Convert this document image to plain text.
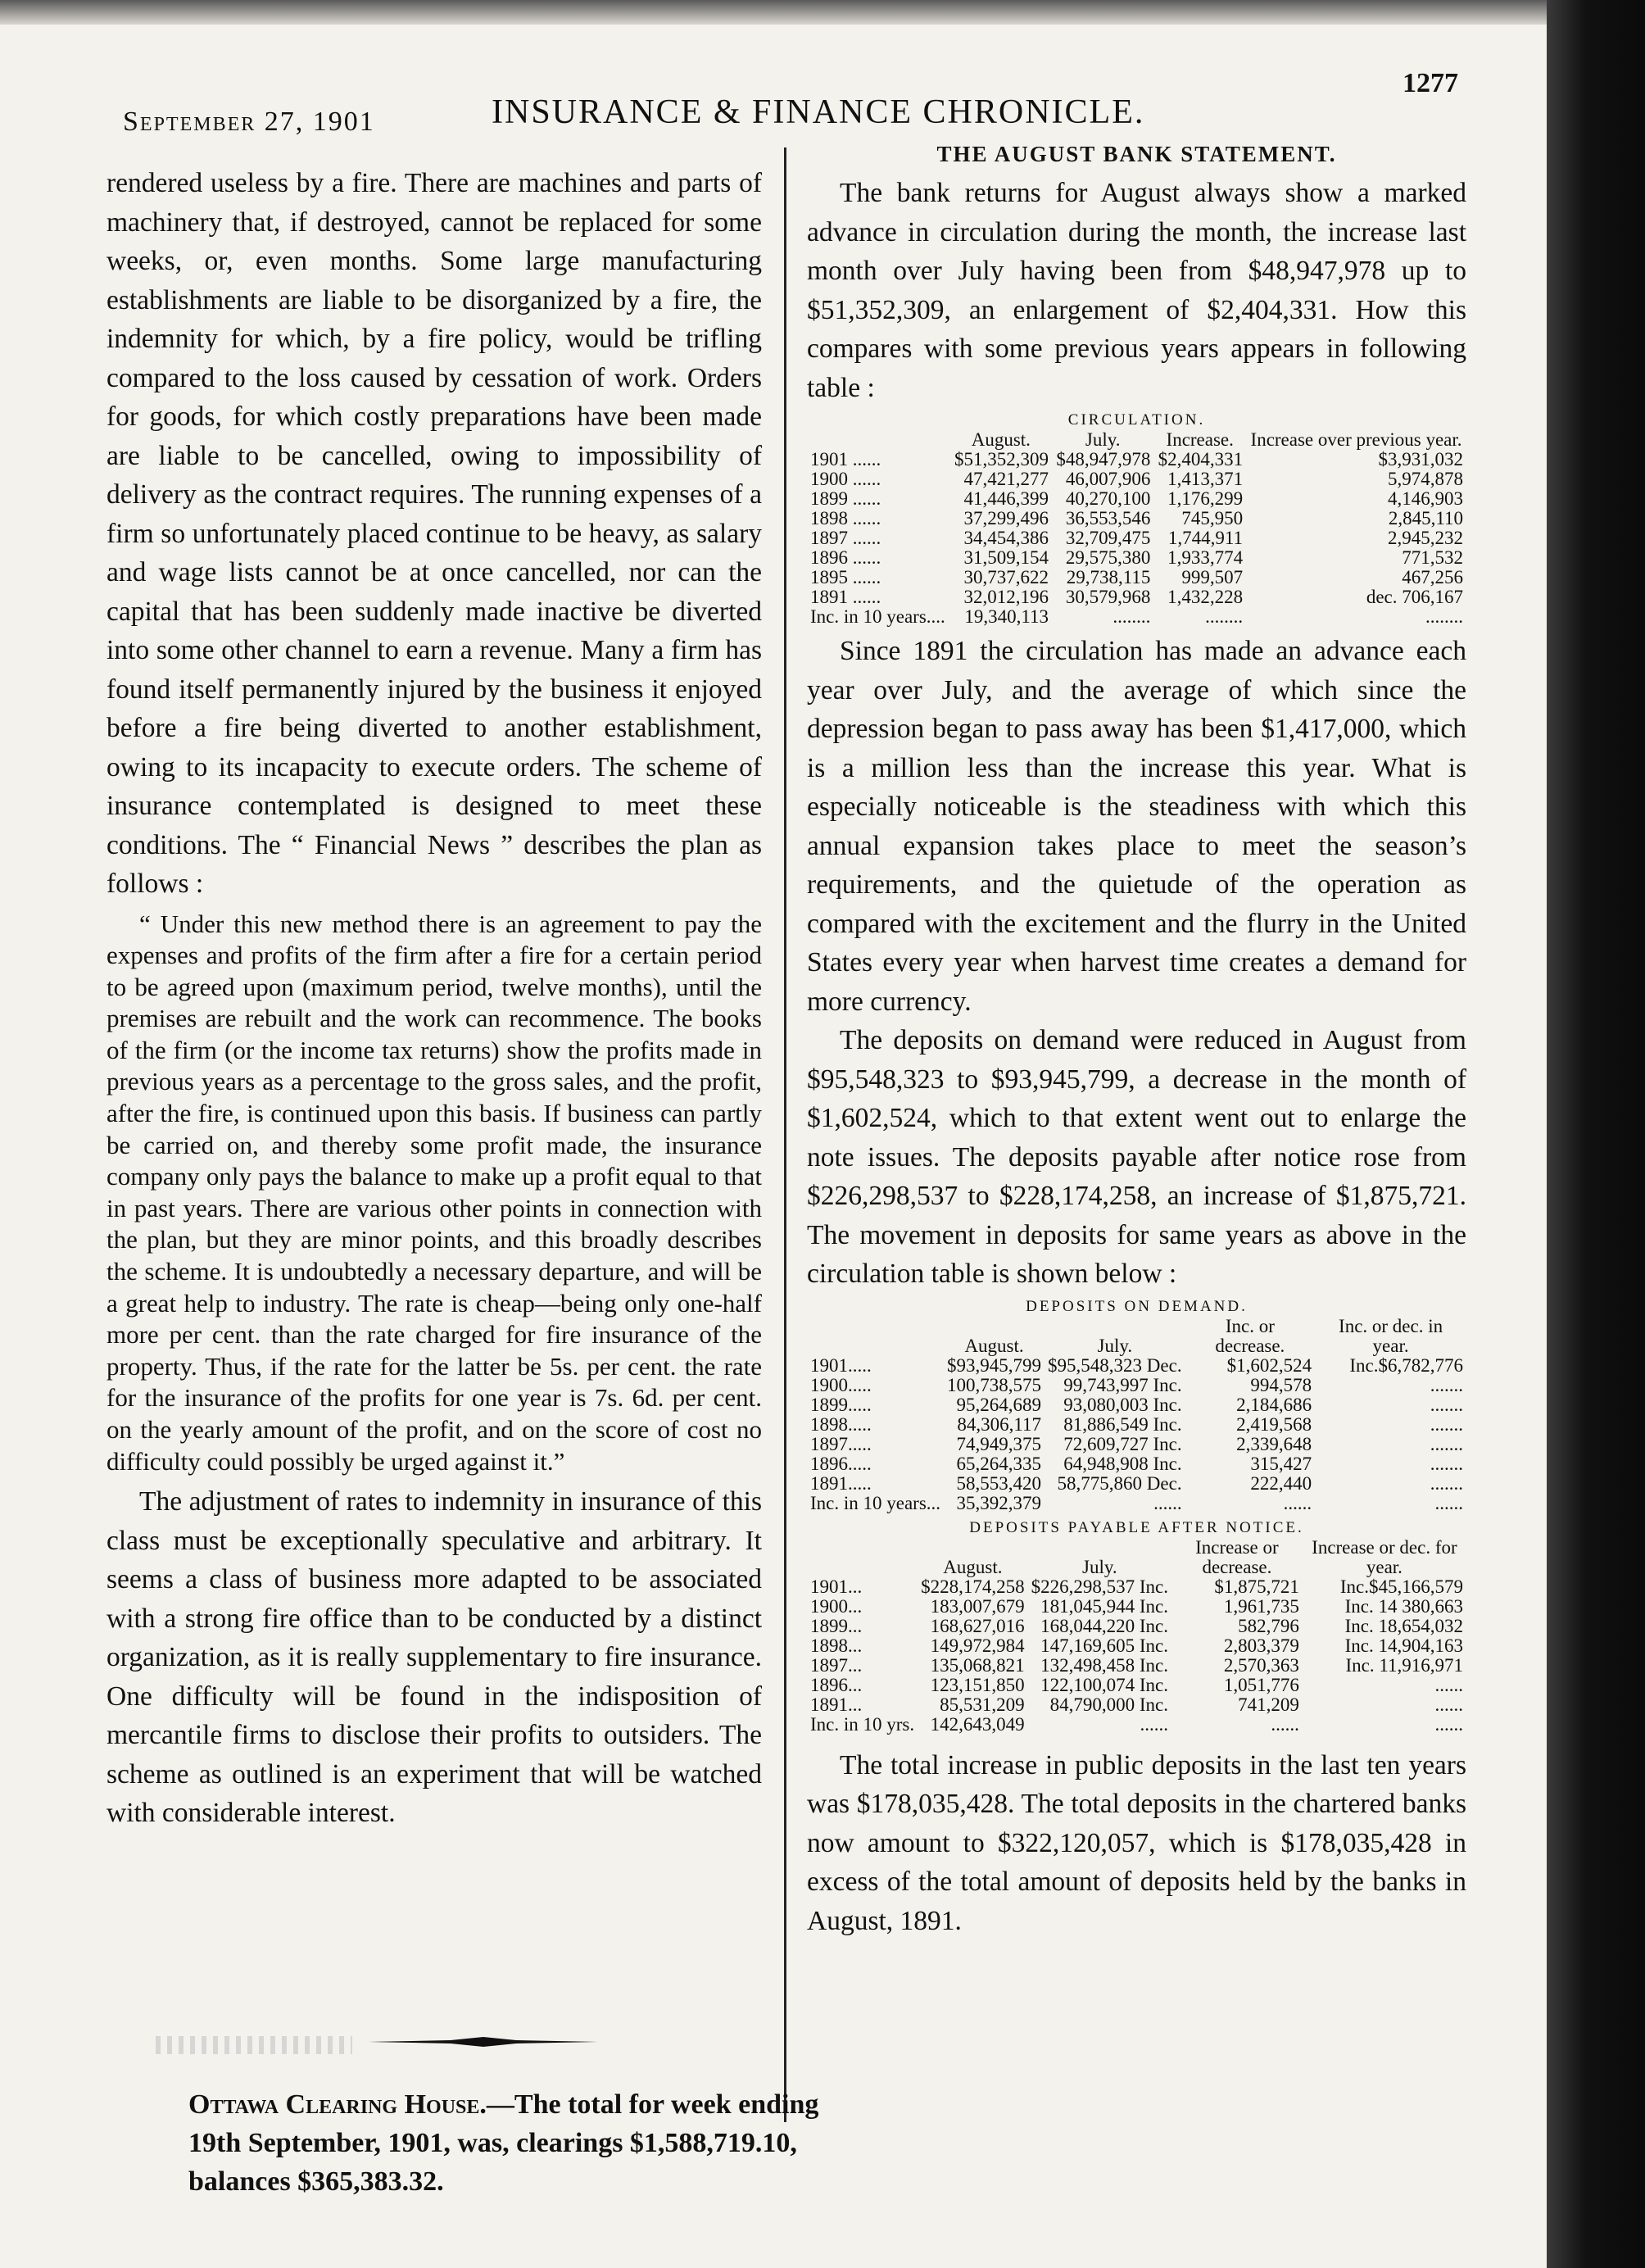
September 27, 1901	INSURANCE & FINANCE CHRONICLE.
1277

rendered useless by a fire. There are machines and parts of machinery that, if destroyed, cannot be replaced for some weeks, or, even months. Some large manufacturing establishments are liable to be disorganized by a fire, the indemnity for which, by a fire policy, would be trifling compared to the loss caused by cessation of work. Orders for goods, for which costly preparations have been made are liable to be cancelled, owing to impossibility of delivery as the contract requires. The running expenses of a firm so unfortunately placed continue to be heavy, as salary and wage lists cannot be at once cancelled, nor can the capital that has been suddenly made inactive be diverted into some other channel to earn a revenue. Many a firm has found itself permanently injured by the business it enjoyed before a fire being diverted to another establishment, owing to its incapacity to execute orders. The scheme of insurance contemplated is designed to meet these conditions. The “ Financial News ” describes the plan as follows :

“ Under this new method there is an agreement to pay the expenses and profits of the firm after a fire for a certain period to be agreed upon (maximum period, twelve months), until the premises are rebuilt and the work can recommence. The books of the firm (or the income tax returns) show the profits made in previous years as a percentage to the gross sales, and the profit, after the fire, is continued upon this basis. If business can partly be carried on, and thereby some profit made, the insurance company only pays the balance to make up a profit equal to that in past years. There are various other points in connection with the plan, but they are minor points, and this broadly describes the scheme. It is undoubtedly a necessary departure, and will be a great help to industry. The rate is cheap—being only one-half more per cent. than the rate charged for fire insurance of the property. Thus, if the rate for the latter be 5s. per cent. the rate for the insurance of the profits for one year is 7s. 6d. per cent. on the yearly amount of the profit, and on the score of cost no difficulty could possibly be urged against it.”

The adjustment of rates to indemnity in insurance of this class must be exceptionally speculative and arbitrary. It seems a class of business more adapted to be associated with a strong fire office than to be conducted by a distinct organization, as it is really supplementary to fire insurance. One difficulty will be found in the indisposition of mercantile firms to disclose their profits to outsiders. The scheme as outlined is an experiment that will be watched with considerable interest.

Ottawa Clearing House.—The total for week ending 19th September, 1901, was, clearings $1,588,719.10, balances $365,383.32.

THE AUGUST BANK STATEMENT.

The bank returns for August always show a marked advance in circulation during the month, the increase last month over July having been from $48,947,978 up to $51,352,309, an enlargement of $2,404,331. How this compares with some previous years appears in following table :

CIRCULATION.				
	August.	July.	Increase.	Increase over previous year.
1901 ......	$51,352,309	$48,947,978	$2,404,331	$3,931,032
1900 ......	47,421,277	46,007,906	1,413,371	5,974,878
1899 ......	41,446,399	40,270,100	1,176,299	4,146,903
1898 ......	37,299,496	36,553,546	745,950	2,845,110
1897 ......	34,454,386	32,709,475	1,744,911	2,945,232
1896 ......	31,509,154	29,575,380	1,933,774	771,532
1895 ......	30,737,622	29,738,115	999,507	467,256
1891 ......	32,012,196	30,579,968	1,432,228	dec. 706,167
Inc. in 10 years....	19,340,113	........	........	........

Since 1891 the circulation has made an advance each year over July, and the average of which since the depression began to pass away has been $1,417,000, which is a million less than the increase this year. What is especially noticeable is the steadiness with which this annual expansion takes place to meet the season’s requirements, and the quietude of the operation as compared with the excitement and the flurry in the United States every year when harvest time creates a demand for more currency.

The deposits on demand were reduced in August from $95,548,323 to $93,945,799, a decrease in the month of $1,602,524, which to that extent went out to enlarge the note issues. The deposits payable after notice rose from $226,298,537 to $228,174,258, an increase of $1,875,721. The movement in deposits for same years as above in the circulation table is shown below :

DEPOSITS ON DEMAND.				
	August.	July.	Inc. or decrease.	Inc. or dec. in year.
1901.....	$93,945,799	$95,548,323 Dec.	$1,602,524	Inc.$6,782,776
1900.....	100,738,575	99,743,997 Inc.	994,578	.......
1899.....	95,264,689	93,080,003 Inc.	2,184,686	.......
1898.....	84,306,117	81,886,549 Inc.	2,419,568	.......
1897.....	74,949,375	72,609,727 Inc.	2,339,648	.......
1896.....	65,264,335	64,948,908 Inc.	315,427	.......
1891.....	58,553,420	58,775,860 Dec.	222,440	.......
Inc. in 10 years...	35,392,379	......	......	......
DEPOSITS PAYABLE AFTER NOTICE.				
	August.	July.	Increase or decrease.	Increase or dec. for year.
1901...	$228,174,258	$226,298,537 Inc.	$1,875,721	Inc.$45,166,579
1900...	183,007,679	181,045,944 Inc.	1,961,735	Inc. 14 380,663
1899...	168,627,016	168,044,220 Inc.	582,796	Inc. 18,654,032
1898...	149,972,984	147,169,605 Inc.	2,803,379	Inc. 14,904,163
1897...	135,068,821	132,498,458 Inc.	2,570,363	Inc. 11,916,971
1896...	123,151,850	122,100,074 Inc.	1,051,776	......
1891...	85,531,209	84,790,000 Inc.	741,209	......
Inc. in 10 yrs.	142,643,049	......	......	......

The total increase in public deposits in the last ten years was $178,035,428. The total deposits in the chartered banks now amount to $322,120,057, which is $178,035,428 in excess of the total amount of deposits held by the banks in August, 1891.
